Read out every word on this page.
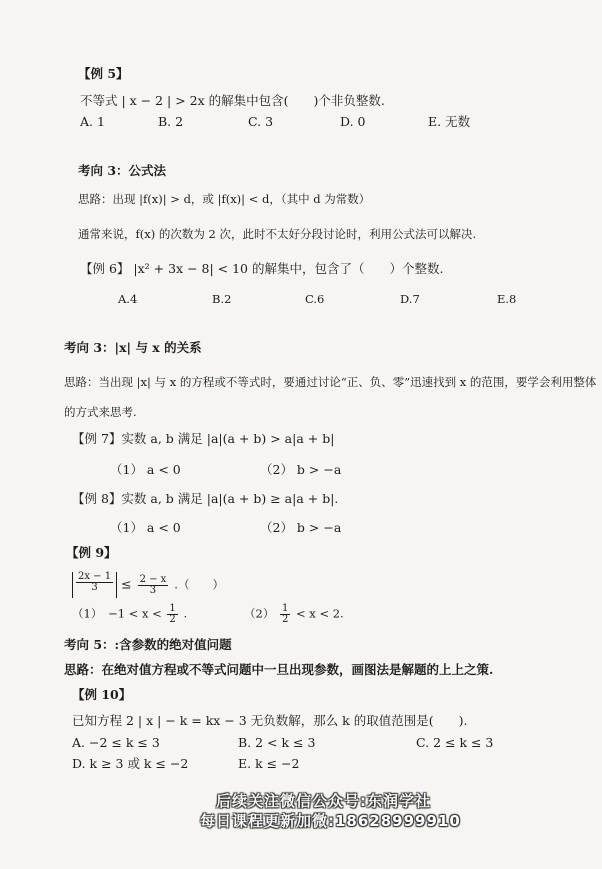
【例 5】
不等式 | x − 2 | > 2x 的解集中包含(　　)个非负整数.
A. 1	B. 2	C. 3	D. 0	E. 无数
考向 3：公式法
思路：出现 |f(x)| > d，或 |f(x)| < d，（其中 d 为常数）
通常来说，f(x) 的次数为 2 次，此时不太好分段讨论时，利用公式法可以解决.
【例 6】 |x² + 3x − 8| < 10 的解集中，包含了（　　）个整数.
A.4	B.2	C.6	D.7	E.8
考向 3：|x| 与 x 的关系
思路：当出现 |x| 与 x 的方程或不等式时，要通过讨论“正、负、零”迅速找到 x 的范围，要学会利用整体
的方式来思考.
【例 7】实数 a, b 满足 |a|(a + b) > a|a + b|
（1） a < 0	（2） b > −a
【例 8】实数 a, b 满足 |a|(a + b) ≥ a|a + b|.
（1） a < 0	（2） b > −a
【例 9】
$\frac{2x - 1}{3} \le \frac{2 - x}{3}$ .（　　）
（1）　$-1 < x < \frac{1}{2}$ .	$(2) \frac{1}{2} < x < 2$.
考向 5：:含参数的绝对值问题
思路：在绝对值方程或不等式问题中一旦出现参数，画图法是解题的上上之策.
【例 10】
已知方程 2 | x | − k = kx − 3 无负数解，那么 k 的取值范围是(　　).
A. −2 ≤ k ≤ 3	B. 2 < k ≤ 3	C. 2 ≤ k ≤ 3
D. k ≥ 3 或 k ≤ −2	E. k ≤ −2
后续关注微信公众号:东润学社
每日课程更新加微:18628999910
